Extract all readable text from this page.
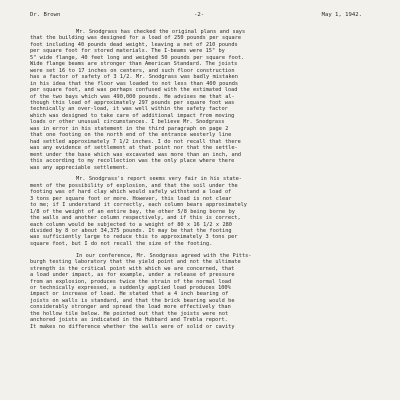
Dr. Brown	-2-	May 1, 1942.
Mr. Snodgrass has checked the original plans and says
that the building was designed for a load of 250 pounds per square
foot including 40 pounds dead weight, leaving a net of 210 pounds
per square foot for stored materials. The I-beams were 15" by
5" wide flange, 40 feet long and weighed 50 pounds per square foot.
Wide flange beams are stronger than American Standard. The joists
were set 16 to 17 inches on centers, and such floor construction
has a factor of safety of 3 1/2. Mr. Snodgrass was badly mistaken
in his idea that the floor was loaded to not less than 400 pounds
per square foot, and was perhaps confused with the estimated load
of the two bays which was 490,000 pounds. He advises me that al-
though this load of approximately 297 pounds per square foot was
technically an over-load, it was well within the safety factor
which was designed to take care of additional impact from moving
loads or other unusual circumstances. I believe Mr. Snodgrass
was in error in his statement in the third paragraph on page 2
that one footing on the north end of the entrance westerly line
had settled approximately 7 1/2 inches. I do not recall that there
was any evidence of settlement at that point nor that the settle-
ment under the base which was excavated was more than an inch, and
this according to my recollection was the only place where there
was any appreciable settlement.
Mr. Snodgrass's report seems very fair in his state-
ment of the possibility of explosion, and that the soil under the
footing was of hard clay which would safely withstand a load of
3 tons per square foot or more. However, this load is not clear
to me; if I understand it correctly, each column bears approximately
1/8 of the weight of an entire bay, the other 5/8 being borne by
the walls and another column respectively, and if this is correct,
each column would be subjected to a weight of 80 x 16 1/2 x 280
divided by 8 or about 34,375 pounds. It may be that the footing
was sufficiently large to reduce this to approximately 3 tons per
square foot, but I do not recall the size of the footing.
In our conference, Mr. Snodgrass agreed with the Pitts-
burgh testing laboratory that the yield point and not the ultimate
strength is the critical point with which we are concerned, that
a load under impact, as for example, under a release of pressure
from an explosion, produces twice the strain of the normal load
or technically expressed, a suddenly applied load produces 100%
impact or increase of load. He stated that a 4 inch bearing of
joists on walls is standard, and that the brick bearing would be
considerably stronger and spread the load more effectively than
the hollow tile below. He pointed out that the joists were not
anchored joists as indicated in the Hubbard and Trebla report.
It makes no difference whether the walls were of solid or cavity
